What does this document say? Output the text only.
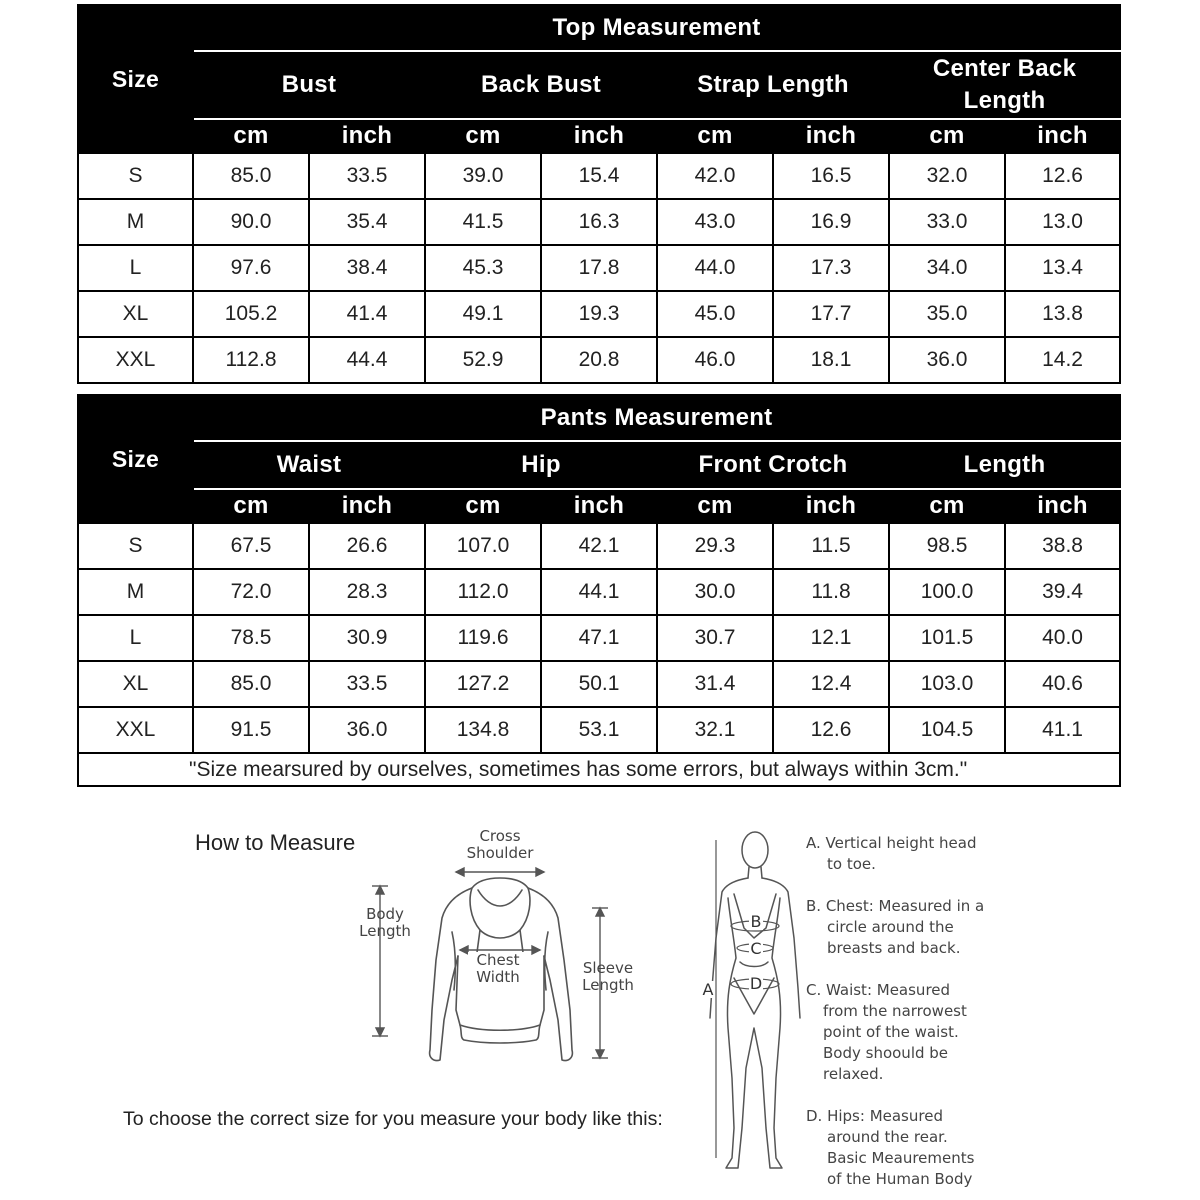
Size	Top Measurement							
	Bust		Back Bust		Strap Length		Center Back Length	
	cm	inch	cm	inch	cm	inch	cm	inch
S	85.0	33.5	39.0	15.4	42.0	16.5	32.0	12.6
M	90.0	35.4	41.5	16.3	43.0	16.9	33.0	13.0
L	97.6	38.4	45.3	17.8	44.0	17.3	34.0	13.4
XL	105.2	41.4	49.1	19.3	45.0	17.7	35.0	13.8
XXL	112.8	44.4	52.9	20.8	46.0	18.1	36.0	14.2
Size	Pants Measurement							
	Waist		Hip		Front Crotch		Length	
	cm	inch	cm	inch	cm	inch	cm	inch
S	67.5	26.6	107.0	42.1	29.3	11.5	98.5	38.8
M	72.0	28.3	112.0	44.1	30.0	11.8	100.0	39.4
L	78.5	30.9	119.6	47.1	30.7	12.1	101.5	40.0
XL	85.0	33.5	127.2	50.1	31.4	12.4	103.0	40.6
XXL	91.5	36.0	134.8	53.1	32.1	12.6	104.5	41.1
"Size mearsured by ourselves, sometimes has some errors, but always within 3cm."								
How to Measure
To choose the correct size for you measure your body like this:
Cross
Shoulder
Body
Length
Chest
Width	Sleeve
Length
B
C
D
A
A. Vertical height head
to toe.
B. Chest: Measured in a
circle around the
breasts and back.
C. Waist: Measured
from the narrowest
point of the waist.
Body shoould be
relaxed.
D. Hips: Measured
around the rear.
Basic Meaurements
of the Human Body
